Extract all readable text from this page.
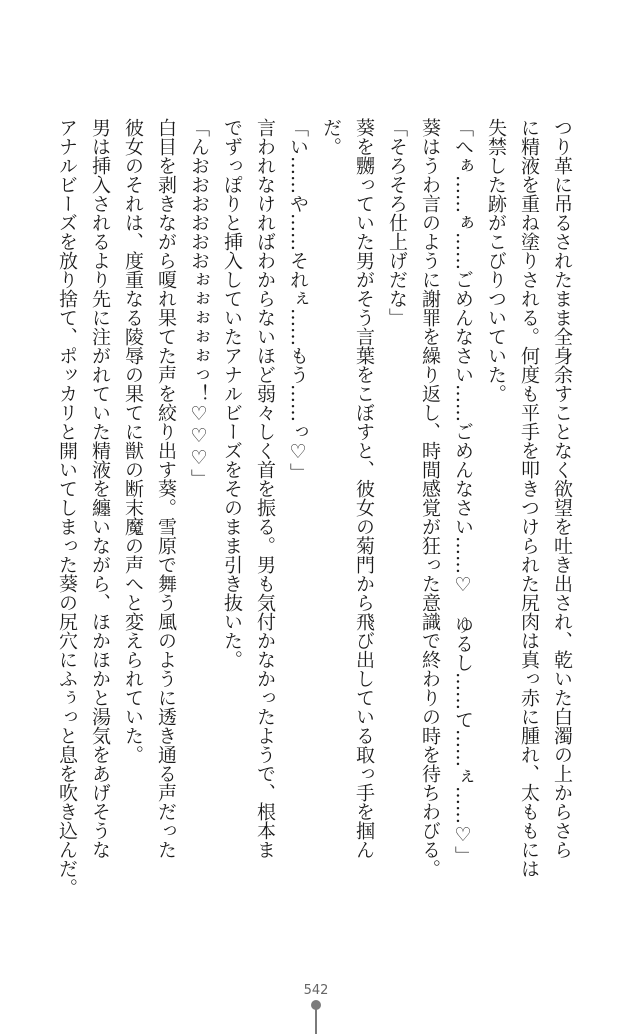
つり革に吊るされたまま全身余すことなく欲望を吐き出され、乾いた白濁の上からさら
に精液を重ね塗りされる。何度も平手を叩きつけられた尻肉は真っ赤に腫れ、太ももには
失禁した跡がこびりついていた。
「へぁ……ぁ……ごめんなさい……ごめんなさい……♡　ゆるし……て……ぇ……♡」
葵はうわ言のように謝罪を繰り返し、時間感覚が狂った意識で終わりの時を待ちわびる。
「そろそろ仕上げだな」
葵を嬲っていた男がそう言葉をこぼすと、彼女の菊門から飛び出している取っ手を掴ん
だ。
「い……や……それぇ……もう……っ♡」
言われなければわからないほど弱々しく首を振る。男も気付かなかったようで、根本ま
でずっぽりと挿入していたアナルビーズをそのまま引き抜いた。
「んおおおおおおぉぉぉぉぉっ！♡♡♡」
白目を剥きながら嗄れ果てた声を絞り出す葵。雪原で舞う風のように透き通る声だった
彼女のそれは、度重なる陵辱の果てに獣の断末魔の声へと変えられていた。
男は挿入されるより先に注がれていた精液を纏いながら、ほかほかと湯気をあげそうな
アナルビーズを放り捨て、ポッカリと開いてしまった葵の尻穴にふぅっと息を吹き込んだ。
542
